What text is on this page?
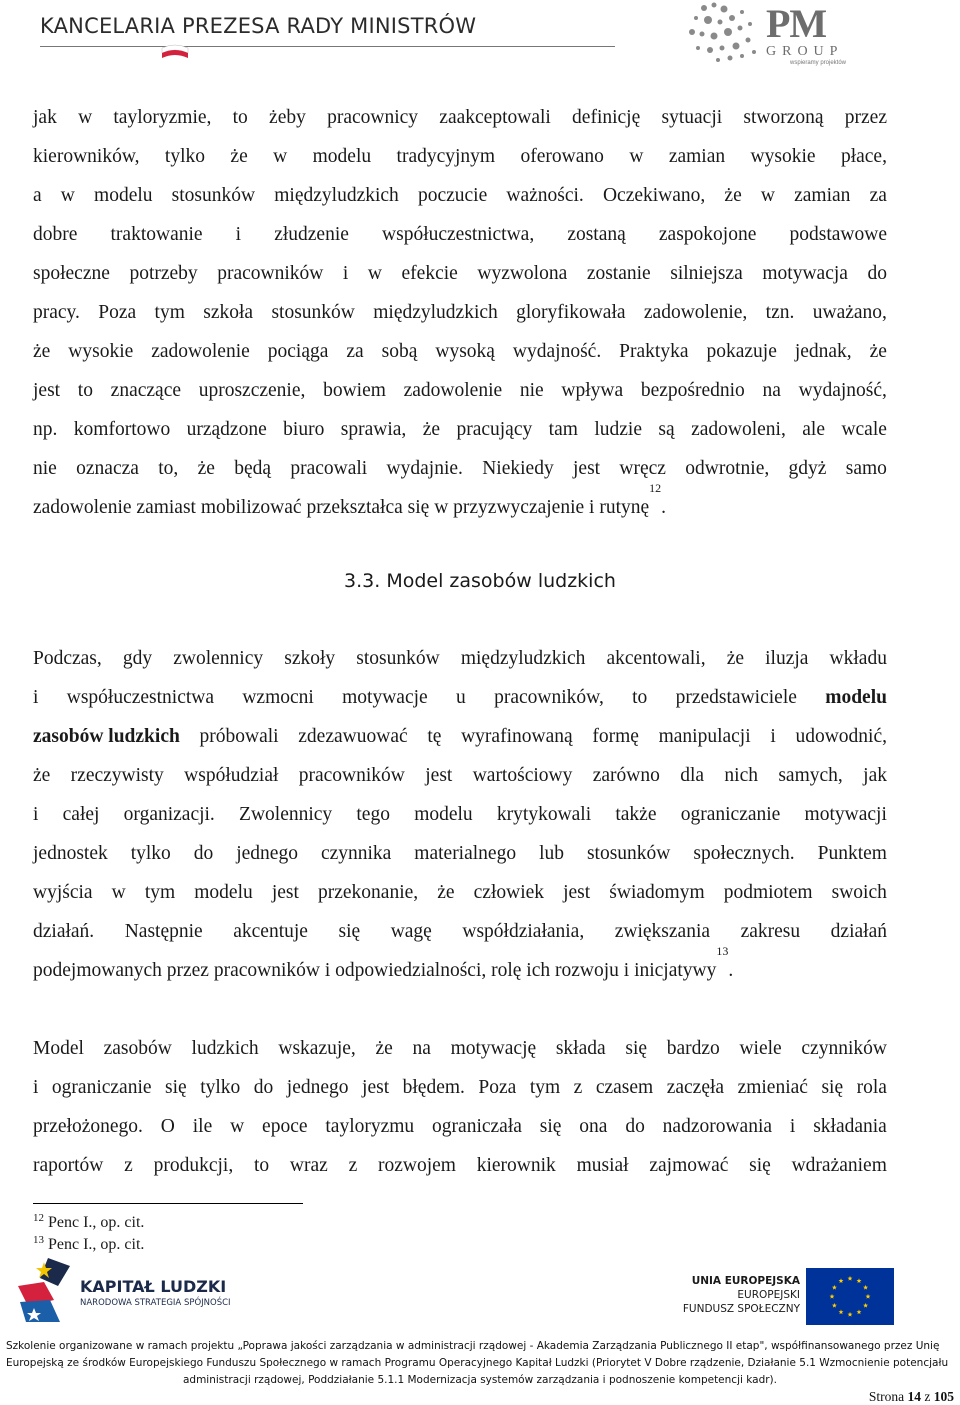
KANCELARIA PREZESA RADY MINISTRÓW	PM
GROUP
wspieramy projektów
jak w tayloryzmie, to żeby pracownicy zaakceptowali definicję sytuacji stworzoną przez
kierowników, tylko że w modelu tradycyjnym oferowano w zamian wysokie płace,
a w modelu stosunków międzyludzkich poczucie ważności. Oczekiwano, że w zamian za
dobre traktowanie i złudzenie współuczestnictwa, zostaną zaspokojone podstawowe
społeczne potrzeby pracowników i w efekcie wyzwolona zostanie silniejsza motywacja do
pracy. Poza tym szkoła stosunków międzyludzkich gloryfikowała zadowolenie, tzn. uważano,
że wysokie zadowolenie pociąga za sobą wysoką wydajność. Praktyka pokazuje jednak, że
jest to znaczące uproszczenie, bowiem zadowolenie nie wpływa bezpośrednio na wydajność,
np. komfortowo urządzone biuro sprawia, że pracujący tam ludzie są zadowoleni, ale wcale
nie oznacza to, że będą pracowali wydajnie. Niekiedy jest wręcz odwrotnie, gdyż samo
zadowolenie zamiast mobilizować przekształca się w przyzwyczajenie i rutynę
12
.
3.3. Model zasobów ludzkich
Podczas, gdy zwolennicy szkoły stosunków międzyludzkich akcentowali, że iluzja wkładu
i współuczestnictwa wzmocni motywacje u pracowników, to przedstawiciele modelu
zasobów ludzkich próbowali zdezawuować tę wyrafinowaną formę manipulacji i udowodnić,
że rzeczywisty współudział pracowników jest wartościowy zarówno dla nich samych, jak
i całej organizacji. Zwolennicy tego modelu krytykowali także ograniczanie motywacji
jednostek tylko do jednego czynnika materialnego lub stosunków społecznych. Punktem
wyjścia w tym modelu jest przekonanie, że człowiek jest świadomym podmiotem swoich
działań. Następnie akcentuje się wagę współdziałania, zwiększania zakresu działań
podejmowanych przez pracowników i odpowiedzialności, rolę ich rozwoju i inicjatywy
13
.
Model zasobów ludzkich wskazuje, że na motywację składa się bardzo wiele czynników
i ograniczanie się tylko do jednego jest błędem. Poza tym z czasem zaczęła zmieniać się rola
przełożonego. O ile w epoce tayloryzmu ograniczała się ona do nadzorowania i składania
raportów z produkcji, to wraz z rozwojem kierownik musiał zajmować się wdrażaniem
$^{12}$ Penc I., op. cit.
$^{13}$ Penc I., op. cit.
KAPITAŁ LUDZKI
NARODOWA STRATEGIA SPÓJNOŚCI
UNIA EUROPEJSKA
EUROPEJSKI
FUNDUSZ SPOŁECZNY
Szkolenie organizowane w ramach projektu „Poprawa jakości zarządzania w administracji rządowej - Akademia Zarządzania Publicznego II etap", współfinansowanego przez Unię
Europejską ze środków Europejskiego Funduszu Społecznego w ramach Programu Operacyjnego Kapitał Ludzki (Priorytet V Dobre rządzenie, Działanie 5.1 Wzmocnienie potencjału
administracji rządowej, Poddziałanie 5.1.1 Modernizacja systemów zarządzania i podnoszenie kompetencji kadr).
Strona 14 z 105
